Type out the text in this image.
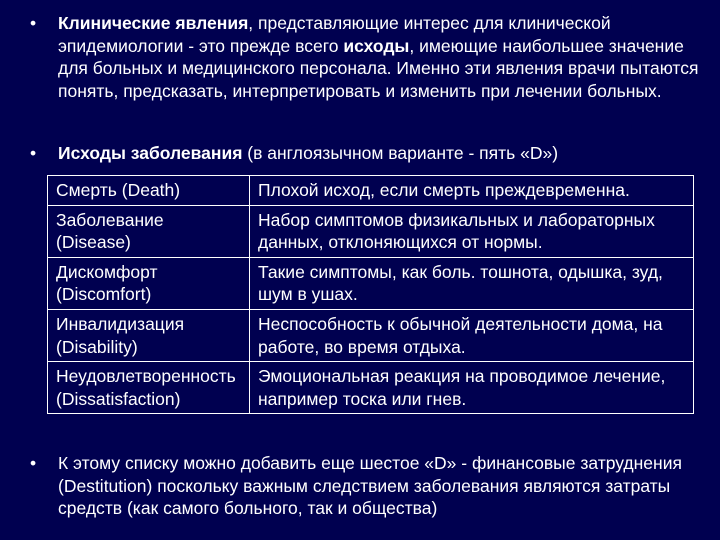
•	Клинические явления, представляющие интерес для клинической эпидемиологии - это прежде всего исходы, имеющие наибольшее значение для больных и медицинского персонала. Именно эти явления врачи пытаются понять, предсказать, интерпретировать и изменить при лечении больных.
•	Исходы заболевания (в англоязычном варианте - пять «D»)
Смерть (Death)	Плохой исход, если смерть преждевременна.
Заболевание (Disease)	Набор симптомов физикальных и лабораторных данных, отклоняющихся от нормы.
Дискомфорт (Discomfort)	Такие симптомы, как боль. тошнота, одышка, зуд, шум в ушах.
Инвалидизация (Disability)	Неспособность к обычной деятельности дома, на работе, во время отдыха.
Неудовлетворенность (Dissatisfaction)	Эмоциональная реакция на проводимое лечение, например тоска или гнев.
•	К этому списку можно добавить еще шестое «D» - финансовые затруднения (Destitution) поскольку важным следствием заболевания являются затраты средств (как самого больного, так и общества)
